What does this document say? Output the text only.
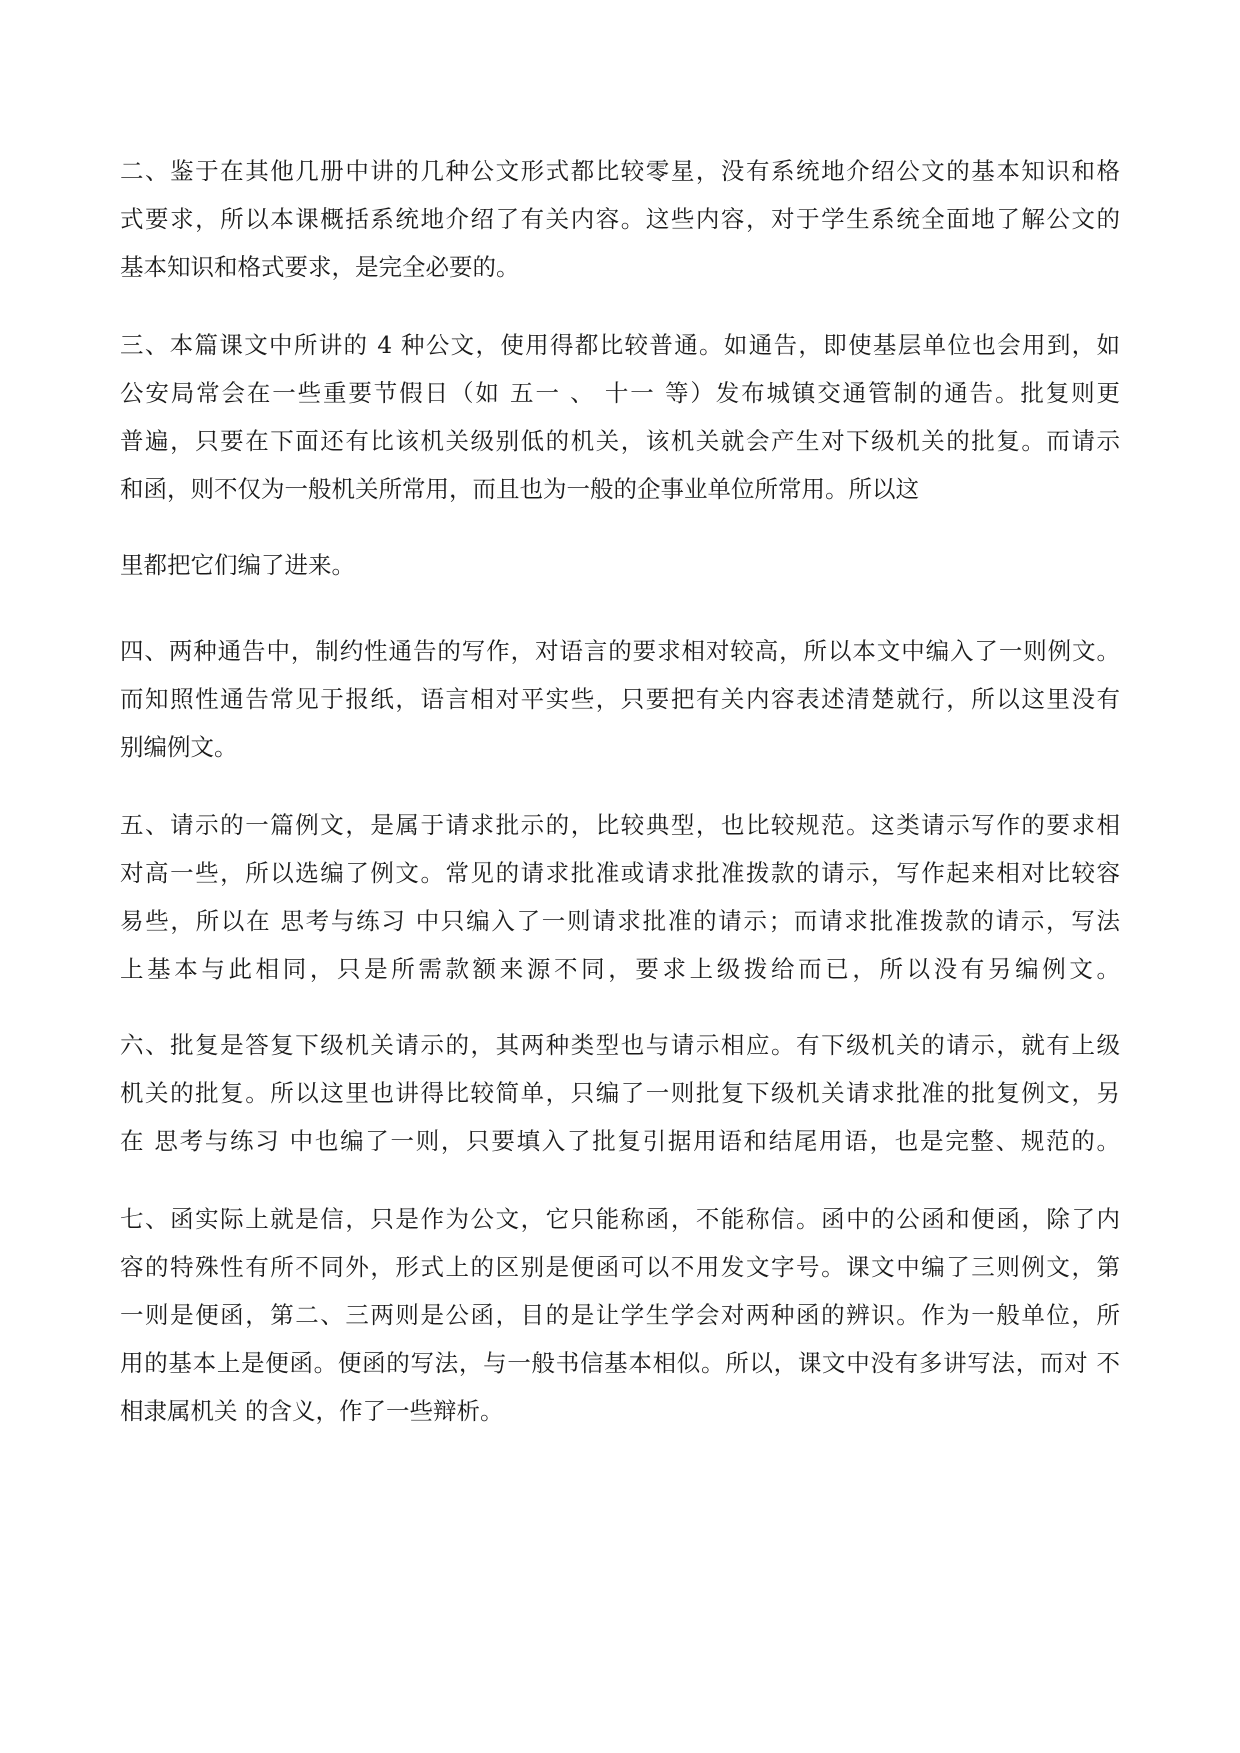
二、鉴于在其他几册中讲的几种公文形式都比较零星，没有系统地介绍公文的基本知识和格
式要求，所以本课概括系统地介绍了有关内容。这些内容，对于学生系统全面地了解公文的
基本知识和格式要求，是完全必要的。
三、本篇课文中所讲的 4 种公文，使用得都比较普通。如通告，即使基层单位也会用到，如
公安局常会在一些重要节假日（如 五一 、 十一 等）发布城镇交通管制的通告。批复则更
普遍，只要在下面还有比该机关级别低的机关，该机关就会产生对下级机关的批复。而请示
和函，则不仅为一般机关所常用，而且也为一般的企事业单位所常用。所以这
里都把它们编了进来。
四、两种通告中，制约性通告的写作，对语言的要求相对较高，所以本文中编入了一则例文。
而知照性通告常见于报纸，语言相对平实些，只要把有关内容表述清楚就行，所以这里没有
别编例文。
五、请示的一篇例文，是属于请求批示的，比较典型，也比较规范。这类请示写作的要求相
对高一些，所以选编了例文。常见的请求批准或请求批准拨款的请示，写作起来相对比较容
易些，所以在 思考与练习 中只编入了一则请求批准的请示；而请求批准拨款的请示，写法
上基本与此相同，只是所需款额来源不同，要求上级拨给而已，所以没有另编例文。
六、批复是答复下级机关请示的，其两种类型也与请示相应。有下级机关的请示，就有上级
机关的批复。所以这里也讲得比较简单，只编了一则批复下级机关请求批准的批复例文，另
在 思考与练习 中也编了一则，只要填入了批复引据用语和结尾用语，也是完整、规范的。
七、函实际上就是信，只是作为公文，它只能称函，不能称信。函中的公函和便函，除了内
容的特殊性有所不同外，形式上的区别是便函可以不用发文字号。课文中编了三则例文，第
一则是便函，第二、三两则是公函，目的是让学生学会对两种函的辨识。作为一般单位，所
用的基本上是便函。便函的写法，与一般书信基本相似。所以，课文中没有多讲写法，而对 不
相隶属机关 的含义，作了一些辩析。
